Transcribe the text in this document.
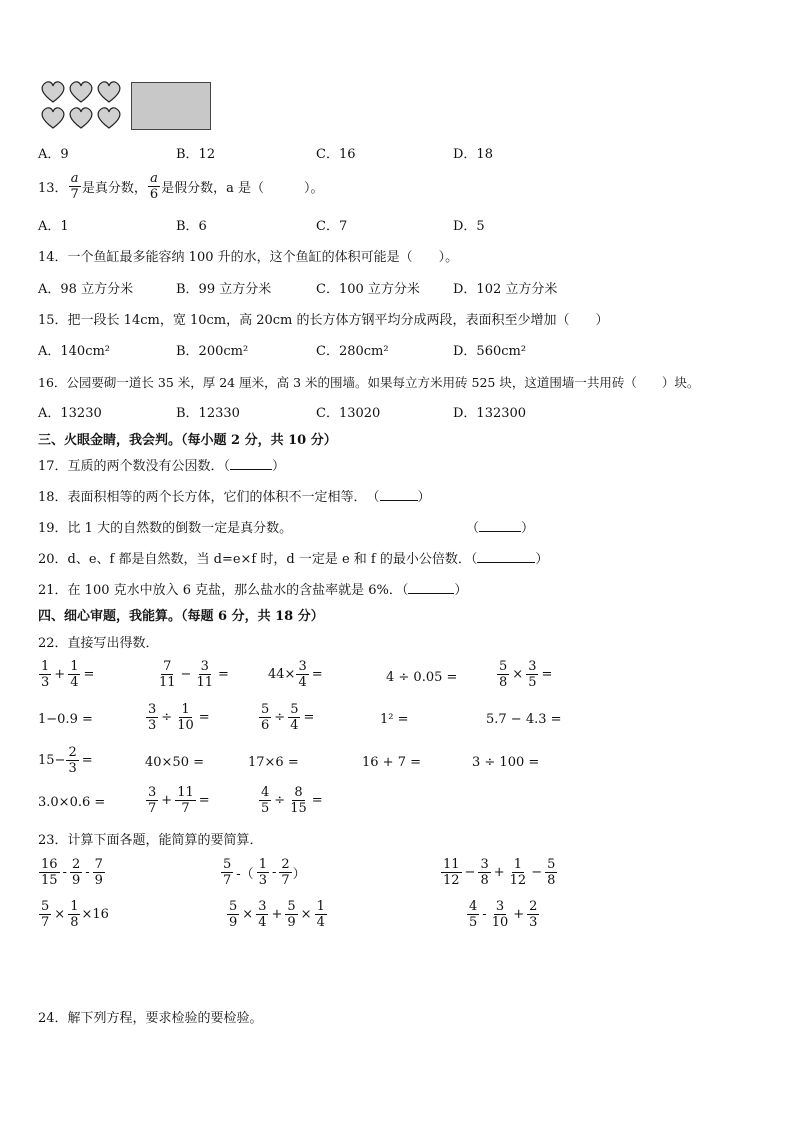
A．9	B．12	C．16	D．18
13． $\frac{a}{7}$ 是真分数， $\frac{a}{6}$ 是假分数，a 是（	）。
A．1	B．6	C．7	D．5
14．一个鱼缸最多能容纳 100 升的水，这个鱼缸的体积可能是（　　）。
A．98 立方分米	B．99 立方分米	C．100 立方分米	D．102 立方分米
15．把一段长 14cm，宽 10cm，高 20cm 的长方体方钢平均分成两段，表面积至少增加（　　）
A．140cm²	B．200cm²	C．280cm²	D．560cm²
16．公园要砌一道长 35 米，厚 24 厘米，高 3 米的围墙。如果每立方米用砖 525 块，这道围墙一共用砖（　　）块。
A．13230	B．12330	C．13020	D．132300
三、火眼金睛，我会判。（每小题 2 分，共 10 分）
17．互质的两个数没有公因数．（	）
18．表面积相等的两个长方体，它们的体积不一定相等．　（	）
19．比 1 大的自然数的倒数一定是真分数。	（	）
20．d、e、f 都是自然数，当 d=e×f 时，d 一定是 e 和 f 的最小公倍数．（	）
21．在 100 克水中放入 6 克盐，那么盐水的含盐率就是 6%．（	）
四、细心审题，我能算。（每题 6 分，共 18 分）
22．直接写出得数．
$\frac{1}{3} + \frac{1}{4}$ =	$\frac{7}{11} - \frac{3}{11}$ =	$44\times \frac{3}{4}$ =	4 ÷ 0.05 =	$\frac{5}{8} \times \frac{3}{5}$ =
1−0.9 =	$\frac{3}{3} \div \frac{1}{10}$ =	$\frac{5}{6} \div \frac{5}{4}$ =	1² =	5.7 − 4.3 =
$15- \frac{2}{3}$ =	40×50 =	17×6 =	16 + 7 =	3 ÷ 100 =
3.0×0.6 =	$\frac{3}{7} + \frac{11}{7}$ =	$\frac{4}{5} \div \frac{8}{15}$ =
23．计算下面各题，能简算的要简算．
$\frac{16}{15} - \frac{2}{9} - \frac{7}{9}$	$\frac{5}{7}$ -（ $\frac{1}{3} - \frac{2}{7}$ ）	$\frac{11}{12} - \frac{3}{8} + \frac{1}{12} - \frac{5}{8}$
$\frac{5}{7} \times \frac{1}{8} \times 16$	$\frac{5}{9} \times \frac{3}{4} + \frac{5}{9} \times \frac{1}{4}$	$\frac{4}{5} - \frac{3}{10} + \frac{2}{3}$
24．解下列方程，要求检验的要检验。
